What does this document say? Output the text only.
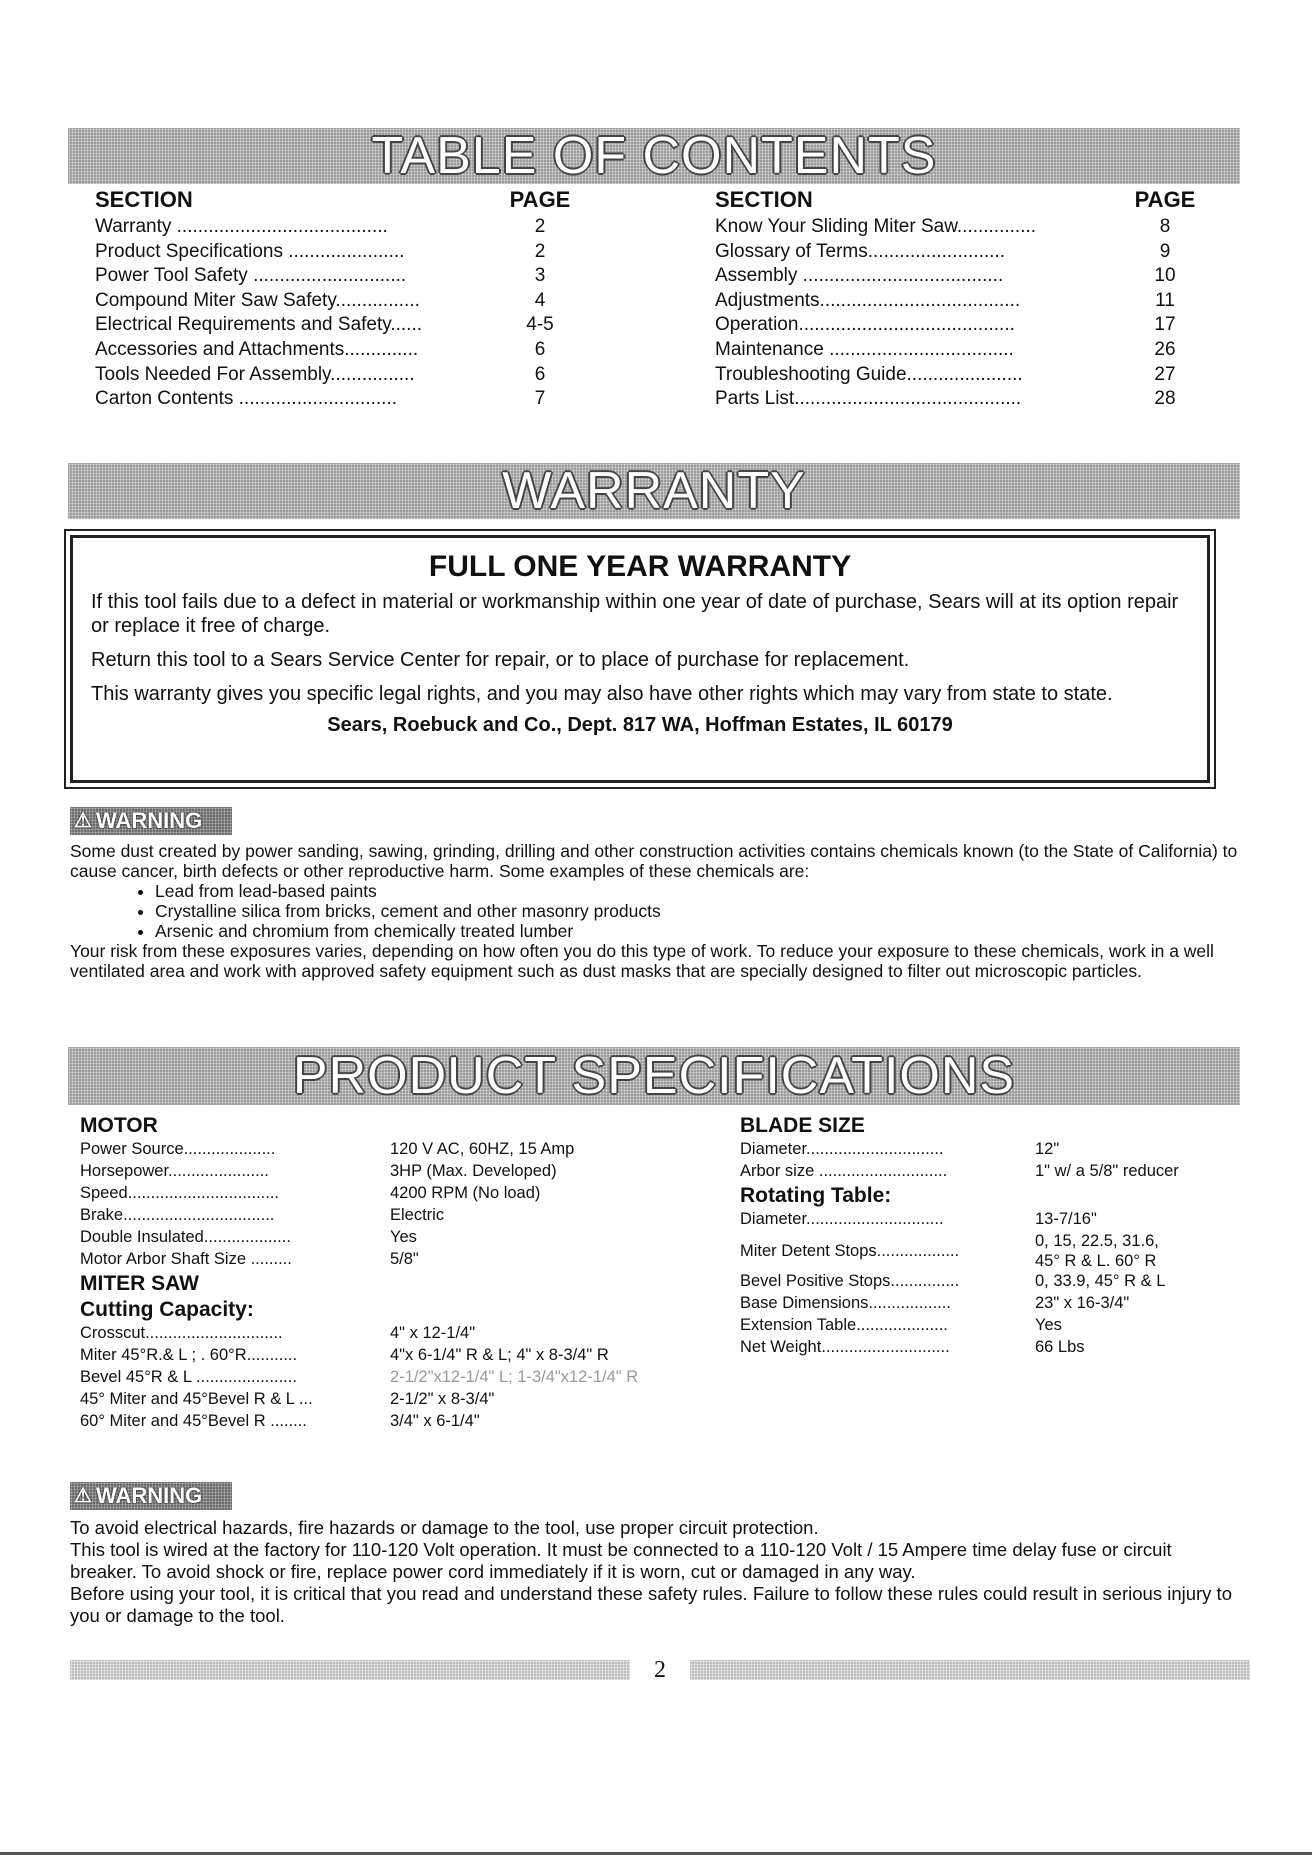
TABLE OF CONTENTS
SECTION	PAGE
Warranty ........................................	2
Product Specifications ......................	2
Power Tool Safety .............................	3
Compound Miter Saw Safety................	4
Electrical Requirements and Safety......	4-5
Accessories and Attachments..............	6
Tools Needed For Assembly................	6
Carton Contents ..............................	7
SECTION	PAGE
Know Your Sliding Miter Saw...............	8
Glossary of Terms..........................	9
Assembly ......................................	10
Adjustments......................................	11
Operation.........................................	17
Maintenance ...................................	26
Troubleshooting Guide......................	27
Parts List...........................................	28
WARRANTY
FULL ONE YEAR WARRANTY

If this tool fails due to a defect in material or workmanship within one year of date of purchase, Sears will at its option repair or replace it free of charge.

Return this tool to a Sears Service Center for repair, or to place of purchase for replacement.

This warranty gives you specific legal rights, and you may also have other rights which may vary from state to state.

Sears, Roebuck and Co., Dept. 817 WA, Hoffman Estates, IL 60179
⚠ WARNING
Some dust created by power sanding, sawing, grinding, drilling and other construction activities contains chemicals known (to the State of California) to cause cancer, birth defects or other reproductive harm. Some examples of these chemicals are:
• Lead from lead-based paints
• Crystalline silica from bricks, cement and other masonry products
• Arsenic and chromium from chemically treated lumber
Your risk from these exposures varies, depending on how often you do this type of work. To reduce your exposure to these chemicals, work in a well ventilated area and work with approved safety equipment such as dust masks that are specially designed to filter out microscopic particles.
PRODUCT SPECIFICATIONS
MOTOR
Power Source....................	120 V AC, 60HZ, 15 Amp
Horsepower......................	3HP (Max. Developed)
Speed.................................	4200 RPM (No load)
Brake.................................	Electric
Double Insulated...................	Yes
Motor Arbor Shaft Size .........	5/8"
MITER SAW
Cutting Capacity:
Crosscut..............................	4" x 12-1/4"
Miter 45°R.& L ; . 60°R...........	4"x 6-1/4" R & L; 4" x 8-3/4" R
Bevel 45°R & L ......................	2-1/2"x12-1/4" L; 1-3/4"x12-1/4" R
45° Miter and 45°Bevel R & L ...	2-1/2" x 8-3/4"
60° Miter and 45°Bevel R ........	3/4" x 6-1/4"
BLADE SIZE
Diameter..............................	12"
Arbor size ............................	1" w/ a 5/8" reducer
Rotating Table:
Diameter..............................	13-7/16"
Miter Detent Stops..................
0, 15, 22.5, 31.6, 45° R & L. 60° R
Bevel Positive Stops...............	0, 33.9, 45° R & L
Base Dimensions..................	23" x 16-3/4"
Extension Table....................	Yes
Net Weight............................	66 Lbs
⚠ WARNING
To avoid electrical hazards, fire hazards or damage to the tool, use proper circuit protection.
This tool is wired at the factory for 110-120 Volt operation. It must be connected to a 110-120 Volt / 15 Ampere time delay fuse or circuit breaker. To avoid shock or fire, replace power cord immediately if it is worn, cut or damaged in any way.
Before using your tool, it is critical that you read and understand these safety rules. Failure to follow these rules could result in serious injury to you or damage to the tool.
2
